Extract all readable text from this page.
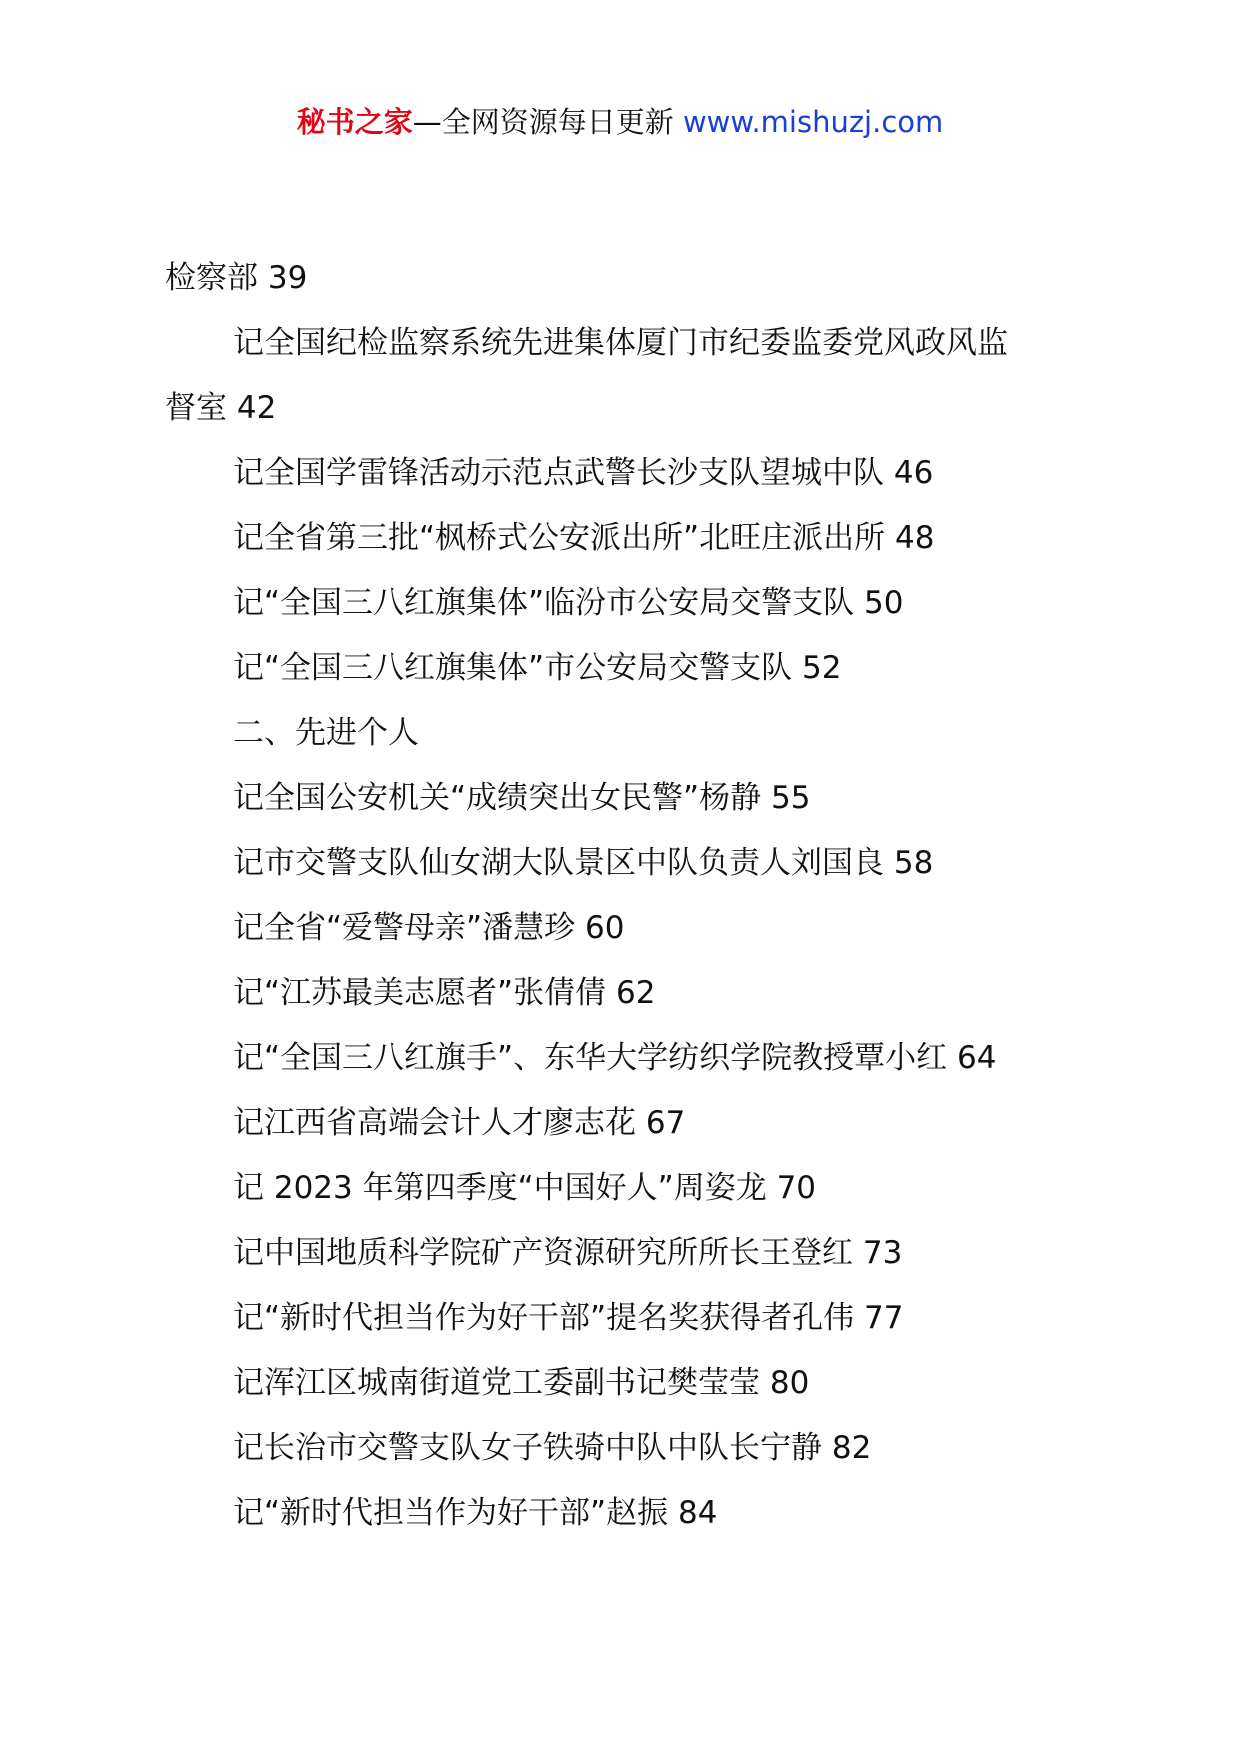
秘书之家—全网资源每日更新 www.mishuzj.com
检察部 39
记全国纪检监察系统先进集体厦门市纪委监委党风政风监
督室 42
记全国学雷锋活动示范点武警长沙支队望城中队 46
记全省第三批“枫桥式公安派出所”北旺庄派出所 48
记“全国三八红旗集体”临汾市公安局交警支队 50
记“全国三八红旗集体”市公安局交警支队 52
二、先进个人
记全国公安机关“成绩突出女民警”杨静 55
记市交警支队仙女湖大队景区中队负责人刘国良 58
记全省“爱警母亲”潘慧珍 60
记“江苏最美志愿者”张倩倩 62
记“全国三八红旗手”、东华大学纺织学院教授覃小红 64
记江西省高端会计人才廖志花 67
记 2023 年第四季度“中国好人”周姿龙 70
记中国地质科学院矿产资源研究所所长王登红 73
记“新时代担当作为好干部”提名奖获得者孔伟 77
记浑江区城南街道党工委副书记樊莹莹 80
记长治市交警支队女子铁骑中队中队长宁静 82
记“新时代担当作为好干部”赵振 84
